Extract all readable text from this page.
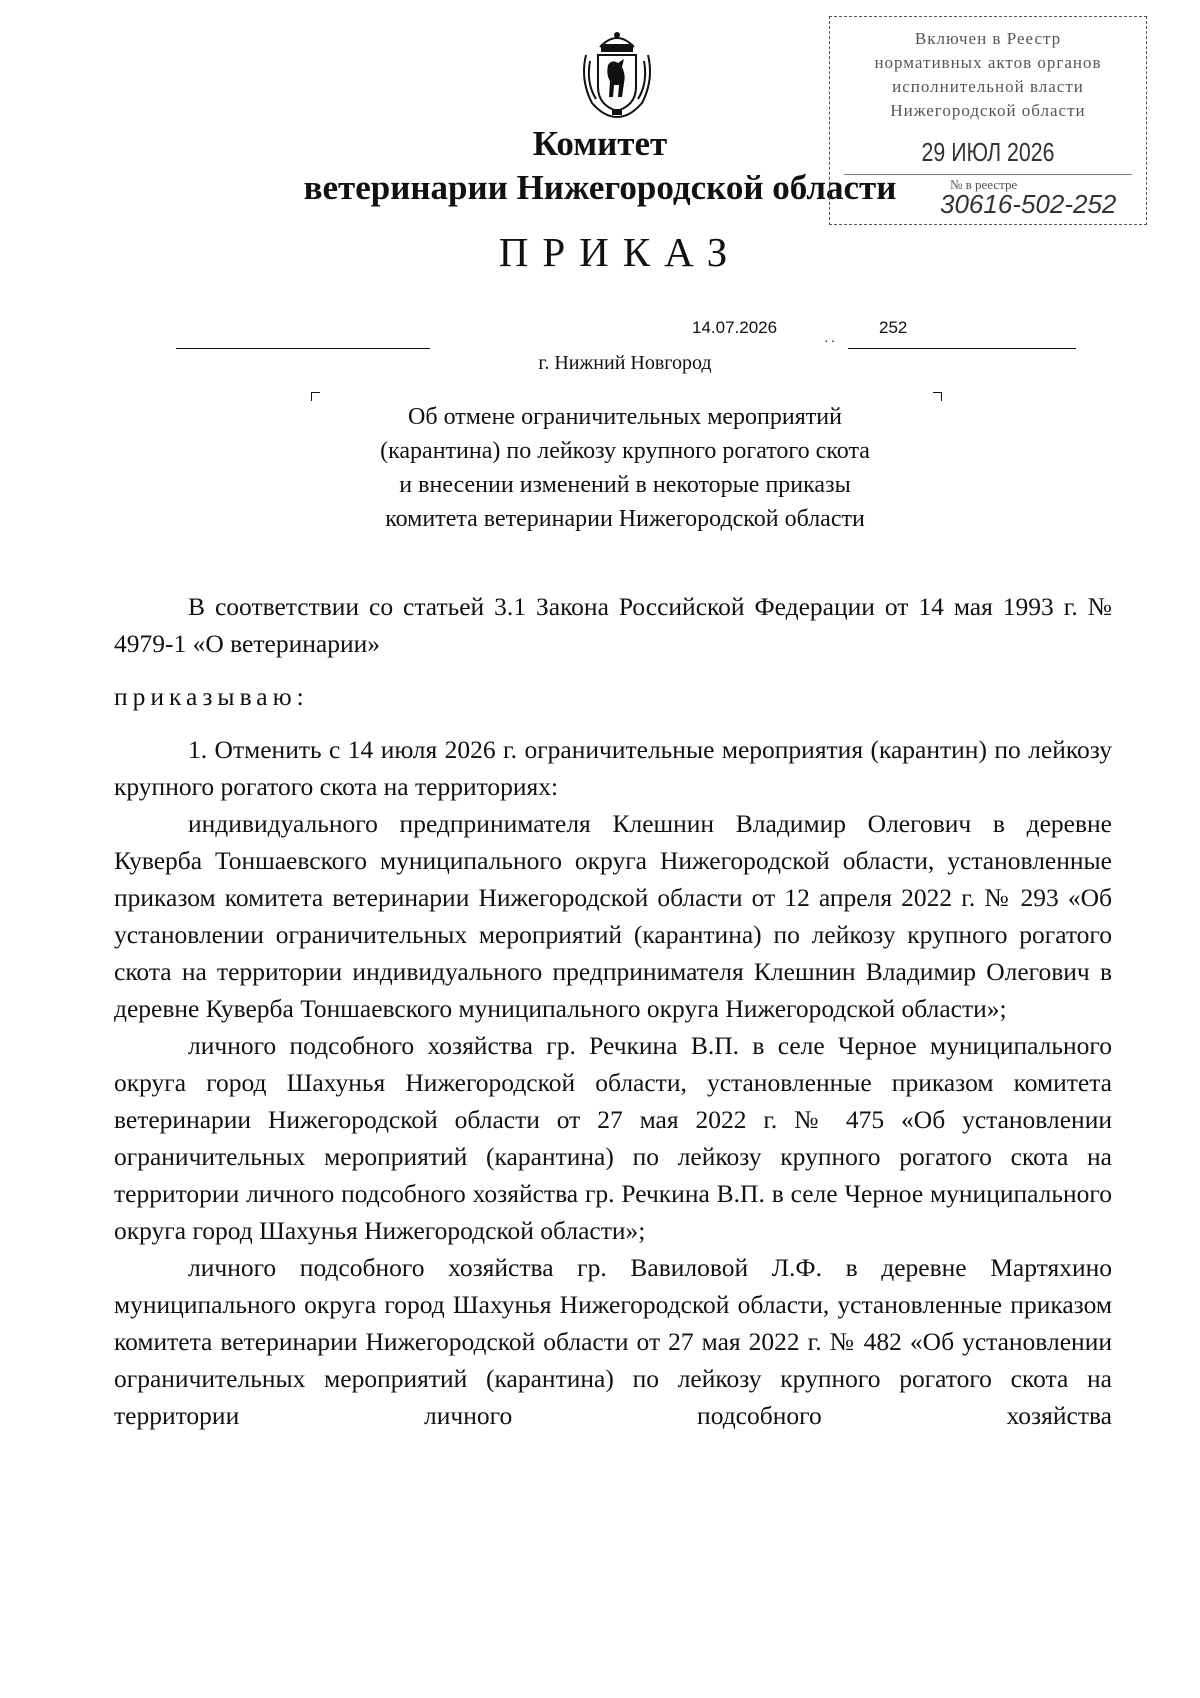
Комитет
ветеринарии Нижегородской области
Включен в Реестр
нормативных актов органов
исполнительной власти
Нижегородской области
29 ИЮЛ 2026
№ в реестре
30616-502-252
ПРИКАЗ
14.07.2026	252
··
г. Нижний Новгород
Об отмене ограничительных мероприятий
(карантина) по лейкозу крупного рогатого скота
и внесении изменений в некоторые приказы
комитета ветеринарии Нижегородской области

В соответствии со статьей 3.1 Закона Российской Федерации от 14 мая 1993 г. № 4979-1 «О ветеринарии»

приказываю:

1. Отменить с 14 июля 2026 г. ограничительные мероприятия (карантин) по лейкозу крупного рогатого скота на территориях:

индивидуального предпринимателя Клешнин Владимир Олегович в деревне Куверба Тоншаевского муниципального округа Нижегородской области, установленные приказом комитета ветеринарии Нижегородской области от 12 апреля 2022 г. № 293 «Об установлении ограничительных мероприятий (карантина) по лейкозу крупного рогатого скота на территории индивидуального предпринимателя Клешнин Владимир Олегович в деревне Куверба Тоншаевского муниципального округа Нижегородской области»;

личного подсобного хозяйства гр. Речкина В.П. в селе Черное муниципального округа город Шахунья Нижегородской области, установленные приказом комитета ветеринарии Нижегородской области от 27 мая 2022 г. № 475 «Об установлении ограничительных мероприятий (карантина) по лейкозу крупного рогатого скота на территории личного подсобного хозяйства гр. Речкина В.П. в селе Черное муниципального округа город Шахунья Нижегородской области»;

личного подсобного хозяйства гр. Вавиловой Л.Ф. в деревне Мартяхино муниципального округа город Шахунья Нижегородской области, установленные приказом комитета ветеринарии Нижегородской области от 27 мая 2022 г. № 482 «Об установлении ограничительных мероприятий (карантина) по лейкозу крупного рогатого скота на территории личного подсобного хозяйства
